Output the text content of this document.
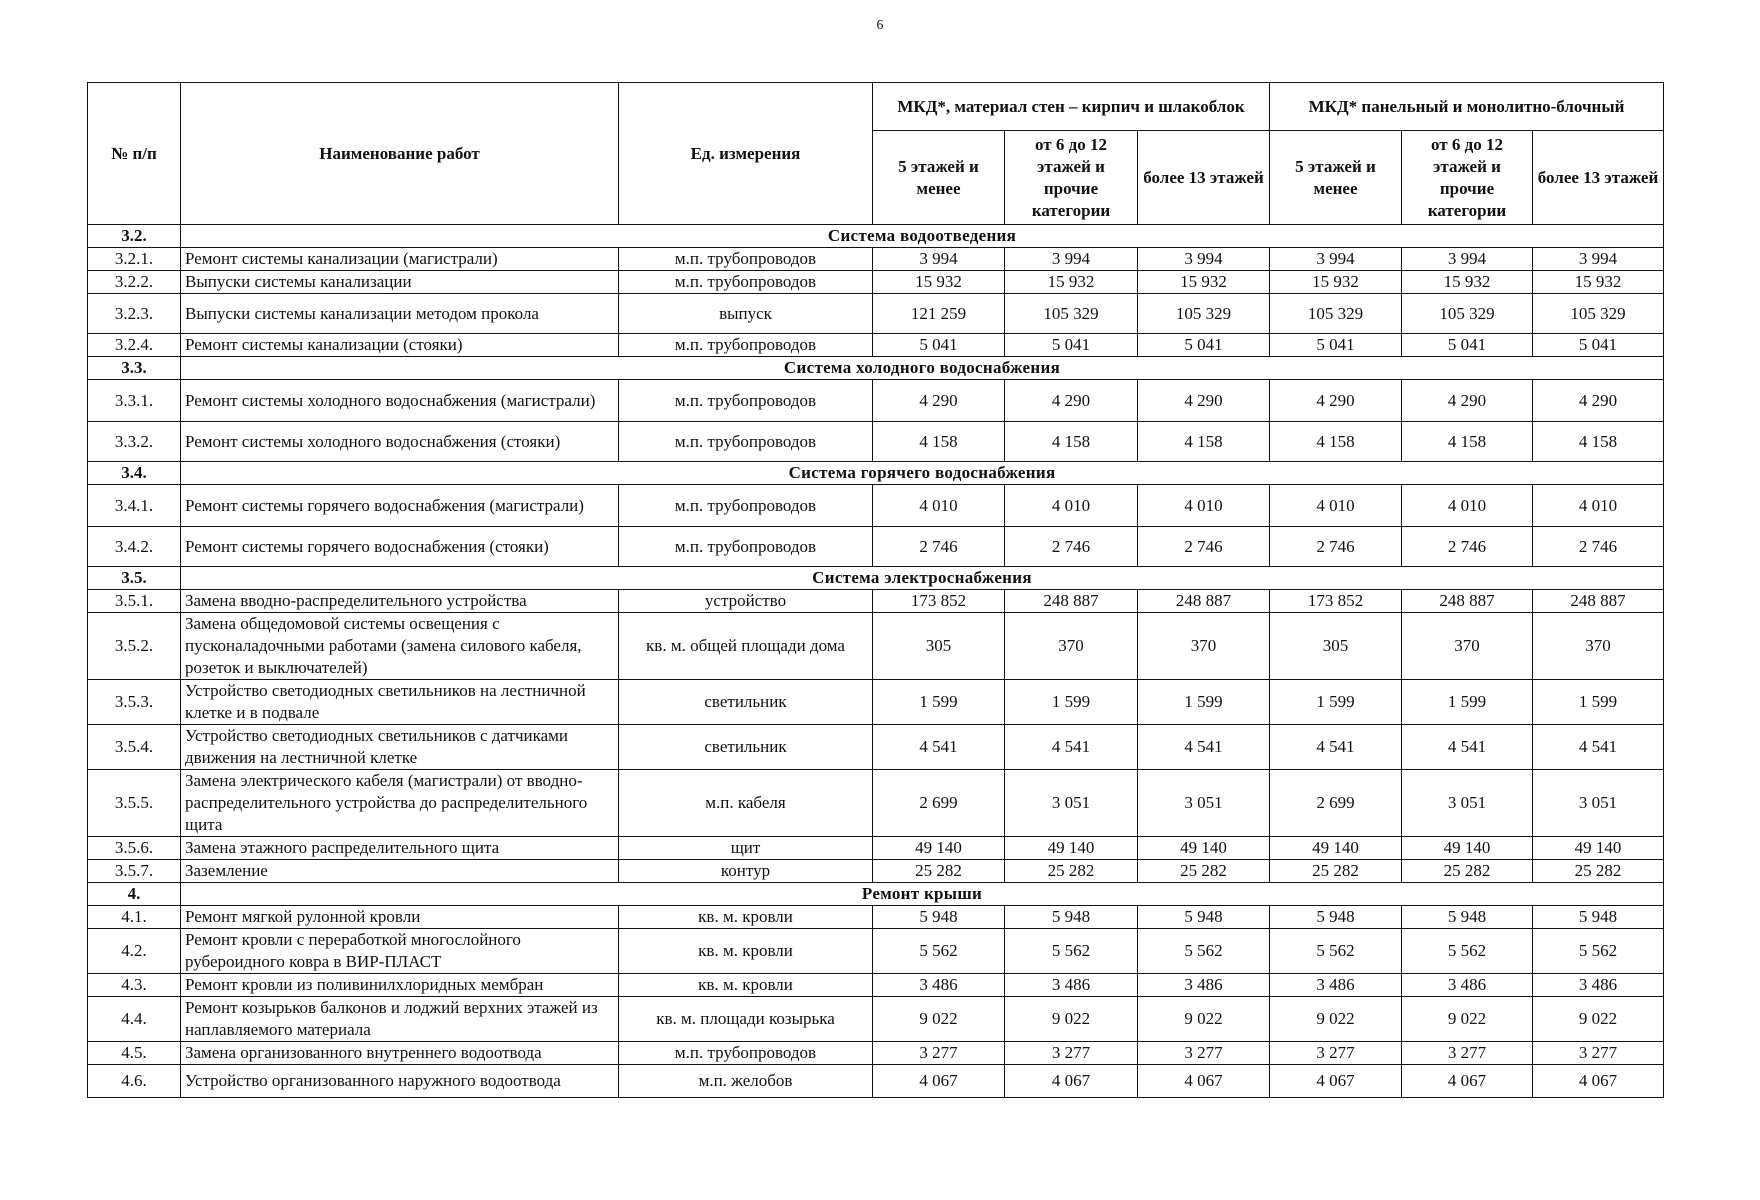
6
№ п/п	Наименование работ	Ед. измерения	МКД*, материал стен – кирпич и шлакоблок			МКД* панельный и монолитно-блочный		
			5 этажей и менее	от 6 до 12 этажей и прочие категории	более 13 этажей	5 этажей и менее	от 6 до 12 этажей и прочие категории	более 13 этажей
3.2.	Система водоотведения							
3.2.1.	Ремонт системы канализации (магистрали)	м.п. трубопроводов	3 994	3 994	3 994	3 994	3 994	3 994
3.2.2.	Выпуски системы канализации	м.п. трубопроводов	15 932	15 932	15 932	15 932	15 932	15 932
3.2.3.	Выпуски системы канализации методом прокола	выпуск	121 259	105 329	105 329	105 329	105 329	105 329
3.2.4.	Ремонт системы канализации (стояки)	м.п. трубопроводов	5 041	5 041	5 041	5 041	5 041	5 041
3.3.	Система холодного водоснабжения							
3.3.1.	Ремонт системы холодного водоснабжения (магистрали)	м.п. трубопроводов	4 290	4 290	4 290	4 290	4 290	4 290
3.3.2.	Ремонт системы холодного водоснабжения (стояки)	м.п. трубопроводов	4 158	4 158	4 158	4 158	4 158	4 158
3.4.	Система горячего водоснабжения							
3.4.1.	Ремонт системы горячего водоснабжения (магистрали)	м.п. трубопроводов	4 010	4 010	4 010	4 010	4 010	4 010
3.4.2.	Ремонт системы горячего водоснабжения (стояки)	м.п. трубопроводов	2 746	2 746	2 746	2 746	2 746	2 746
3.5.	Система электроснабжения							
3.5.1.	Замена вводно-распределительного устройства	устройство	173 852	248 887	248 887	173 852	248 887	248 887
3.5.2.	Замена общедомовой системы освещения с пусконаладочными работами (замена силового кабеля, розеток и выключателей)	кв. м. общей площади дома	305	370	370	305	370	370
3.5.3.	Устройство светодиодных светильников на лестничной клетке и в подвале	светильник	1 599	1 599	1 599	1 599	1 599	1 599
3.5.4.	Устройство светодиодных светильников с датчиками движения на лестничной клетке	светильник	4 541	4 541	4 541	4 541	4 541	4 541
3.5.5.	Замена электрического кабеля (магистрали) от вводно-распределительного устройства до распределительного щита	м.п. кабеля	2 699	3 051	3 051	2 699	3 051	3 051
3.5.6.	Замена этажного распределительного щита	щит	49 140	49 140	49 140	49 140	49 140	49 140
3.5.7.	Заземление	контур	25 282	25 282	25 282	25 282	25 282	25 282
4.	Ремонт крыши							
4.1.	Ремонт мягкой рулонной кровли	кв. м. кровли	5 948	5 948	5 948	5 948	5 948	5 948
4.2.	Ремонт кровли с переработкой многослойного рубероидного ковра в ВИР-ПЛАСТ	кв. м. кровли	5 562	5 562	5 562	5 562	5 562	5 562
4.3.	Ремонт кровли из поливинилхлоридных мембран	кв. м. кровли	3 486	3 486	3 486	3 486	3 486	3 486
4.4.	Ремонт козырьков балконов и лоджий верхних этажей из наплавляемого материала	кв. м. площади козырька	9 022	9 022	9 022	9 022	9 022	9 022
4.5.	Замена организованного внутреннего водоотвода	м.п. трубопроводов	3 277	3 277	3 277	3 277	3 277	3 277
4.6.	Устройство организованного наружного водоотвода	м.п. желобов	4 067	4 067	4 067	4 067	4 067	4 067
